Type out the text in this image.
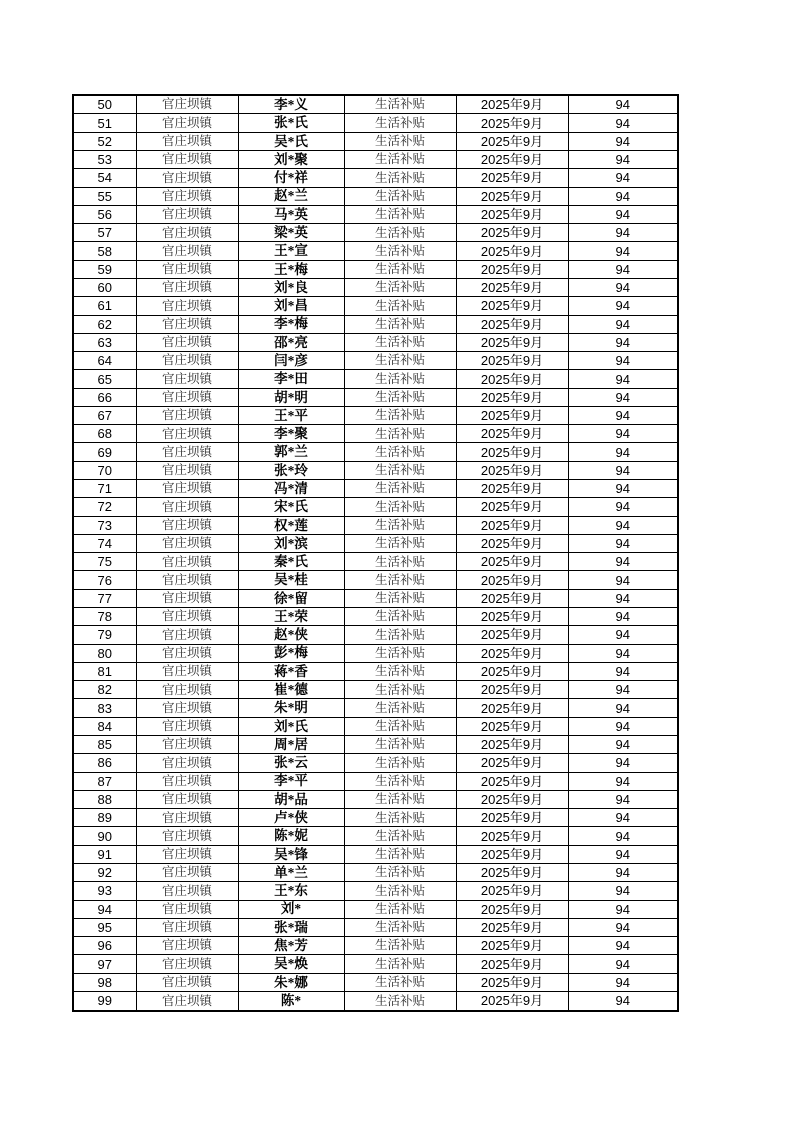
50	官庄坝镇	李*义	生活补贴	2025年9月	94
51	官庄坝镇	张*氏	生活补贴	2025年9月	94
52	官庄坝镇	吴*氏	生活补贴	2025年9月	94
53	官庄坝镇	刘*聚	生活补贴	2025年9月	94
54	官庄坝镇	付*祥	生活补贴	2025年9月	94
55	官庄坝镇	赵*兰	生活补贴	2025年9月	94
56	官庄坝镇	马*英	生活补贴	2025年9月	94
57	官庄坝镇	梁*英	生活补贴	2025年9月	94
58	官庄坝镇	王*宣	生活补贴	2025年9月	94
59	官庄坝镇	王*梅	生活补贴	2025年9月	94
60	官庄坝镇	刘*良	生活补贴	2025年9月	94
61	官庄坝镇	刘*昌	生活补贴	2025年9月	94
62	官庄坝镇	李*梅	生活补贴	2025年9月	94
63	官庄坝镇	邵*亮	生活补贴	2025年9月	94
64	官庄坝镇	闫*彦	生活补贴	2025年9月	94
65	官庄坝镇	李*田	生活补贴	2025年9月	94
66	官庄坝镇	胡*明	生活补贴	2025年9月	94
67	官庄坝镇	王*平	生活补贴	2025年9月	94
68	官庄坝镇	李*聚	生活补贴	2025年9月	94
69	官庄坝镇	郭*兰	生活补贴	2025年9月	94
70	官庄坝镇	张*玲	生活补贴	2025年9月	94
71	官庄坝镇	冯*清	生活补贴	2025年9月	94
72	官庄坝镇	宋*氏	生活补贴	2025年9月	94
73	官庄坝镇	权*莲	生活补贴	2025年9月	94
74	官庄坝镇	刘*滨	生活补贴	2025年9月	94
75	官庄坝镇	秦*氏	生活补贴	2025年9月	94
76	官庄坝镇	吴*桂	生活补贴	2025年9月	94
77	官庄坝镇	徐*留	生活补贴	2025年9月	94
78	官庄坝镇	王*荣	生活补贴	2025年9月	94
79	官庄坝镇	赵*侠	生活补贴	2025年9月	94
80	官庄坝镇	彭*梅	生活补贴	2025年9月	94
81	官庄坝镇	蒋*香	生活补贴	2025年9月	94
82	官庄坝镇	崔*德	生活补贴	2025年9月	94
83	官庄坝镇	朱*明	生活补贴	2025年9月	94
84	官庄坝镇	刘*氏	生活补贴	2025年9月	94
85	官庄坝镇	周*居	生活补贴	2025年9月	94
86	官庄坝镇	张*云	生活补贴	2025年9月	94
87	官庄坝镇	李*平	生活补贴	2025年9月	94
88	官庄坝镇	胡*品	生活补贴	2025年9月	94
89	官庄坝镇	卢*侠	生活补贴	2025年9月	94
90	官庄坝镇	陈*妮	生活补贴	2025年9月	94
91	官庄坝镇	吴*锋	生活补贴	2025年9月	94
92	官庄坝镇	单*兰	生活补贴	2025年9月	94
93	官庄坝镇	王*东	生活补贴	2025年9月	94
94	官庄坝镇	刘*	生活补贴	2025年9月	94
95	官庄坝镇	张*瑞	生活补贴	2025年9月	94
96	官庄坝镇	焦*芳	生活补贴	2025年9月	94
97	官庄坝镇	吴*焕	生活补贴	2025年9月	94
98	官庄坝镇	朱*娜	生活补贴	2025年9月	94
99	官庄坝镇	陈*	生活补贴	2025年9月	94
